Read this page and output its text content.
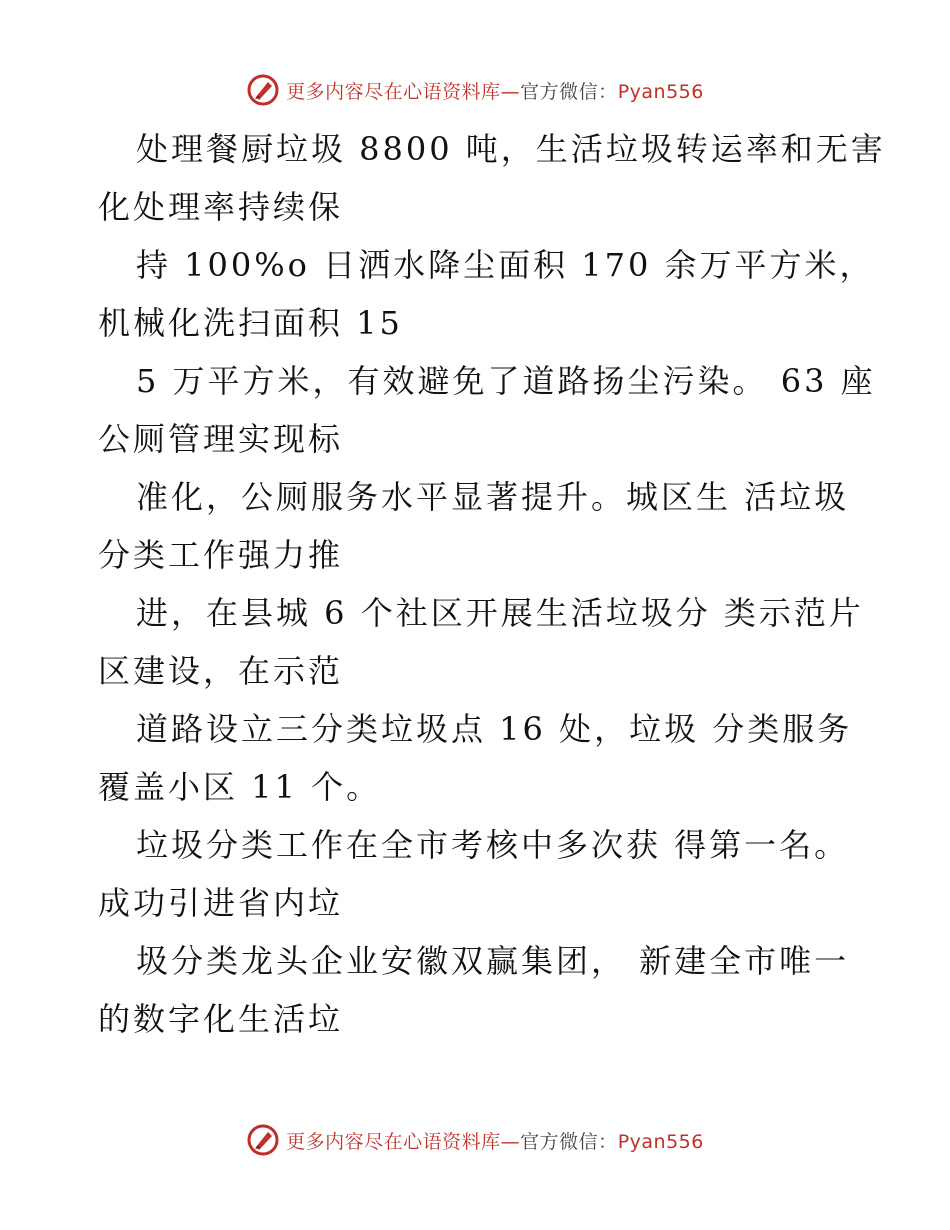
更多内容尽在心语资料库—官方微信：Pyan556

处理餐厨垃圾 8800 吨，生活垃圾转运率和无害
化处理率持续保

持 100%o 日洒水降尘面积 170 余万平方米，
机械化洗扫面积 15

5 万平方米，有效避免了道路扬尘污染。 63 座
公厕管理实现标

准化，公厕服务水平显著提升。城区生 活垃圾
分类工作强力推

进，在县城 6 个社区开展生活垃圾分 类示范片
区建设，在示范

道路设立三分类垃圾点 16 处，垃圾 分类服务
覆盖小区 11 个。

垃圾分类工作在全市考核中多次获 得第一名。
成功引进省内垃

圾分类龙头企业安徽双赢集团， 新建全市唯一
的数字化生活垃

更多内容尽在心语资料库—官方微信：Pyan556
